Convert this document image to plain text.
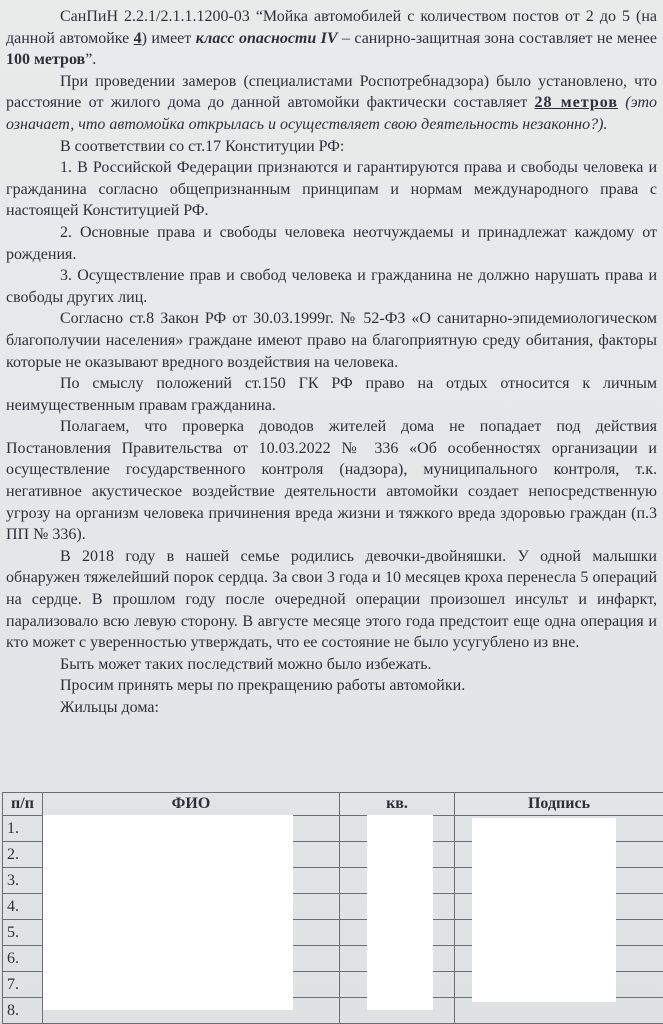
СанПиН 2.2.1/2.1.1.1200-03 “Мойка автомобилей с количеством постов от 2 до 5 (на данной автомойке 4) имеет класс опасности IV – санирно-защитная зона составляет не менее 100 метров”.

При проведении замеров (специалистами Роспотребнадзора) было установлено, что расстояние от жилого дома до данной автомойки фактически составляет 28 метров (это означает, что автомойка открылась и осуществляет свою деятельность незаконно?).

В соответствии со ст.17 Конституции РФ:

1. В Российской Федерации признаются и гарантируются права и свободы человека и гражданина согласно общепризнанным принципам и нормам международного права с настоящей Конституцией РФ.

2. Основные права и свободы человека неотчуждаемы и принадлежат каждому от рождения.

3. Осуществление прав и свобод человека и гражданина не должно нарушать права и свободы других лиц.

Согласно ст.8 Закон РФ от 30.03.1999г. № 52-ФЗ «О санитарно-эпидемиологическом благополучии населения» граждане имеют право на благоприятную среду обитания, факторы которые не оказывают вредного воздействия на человека.

По смыслу положений ст.150 ГК РФ право на отдых относится к личным неимущественным правам гражданина.

Полагаем, что проверка доводов жителей дома не попадает под действия Постановления Правительства от 10.03.2022 № 336 «Об особенностях организации и осуществление государственного контроля (надзора), муниципального контроля, т.к. негативное акустическое воздействие деятельности автомойки создает непосредственную угрозу на организм человека причинения вреда жизни и тяжкого вреда здоровью граждан (п.3 ПП № 336).

В 2018 году в нашей семье родились девочки-двойняшки. У одной малышки обнаружен тяжелейший порок сердца. За свои 3 года и 10 месяцев кроха перенесла 5 операций на сердце. В прошлом году после очередной операции произошел инсульт и инфаркт, парализовало всю левую сторону. В августе месяце этого года предстоит еще одна операция и кто может с уверенностью утверждать, что ее состояние не было усугублено из вне.

Быть может таких последствий можно было избежать.

Просим принять меры по прекращению работы автомойки.

Жильцы дома:

п/п	ФИО	кв.	Подпись
1.			
2.			
3.			
4.			
5.			
6.			
7.			
8.			
